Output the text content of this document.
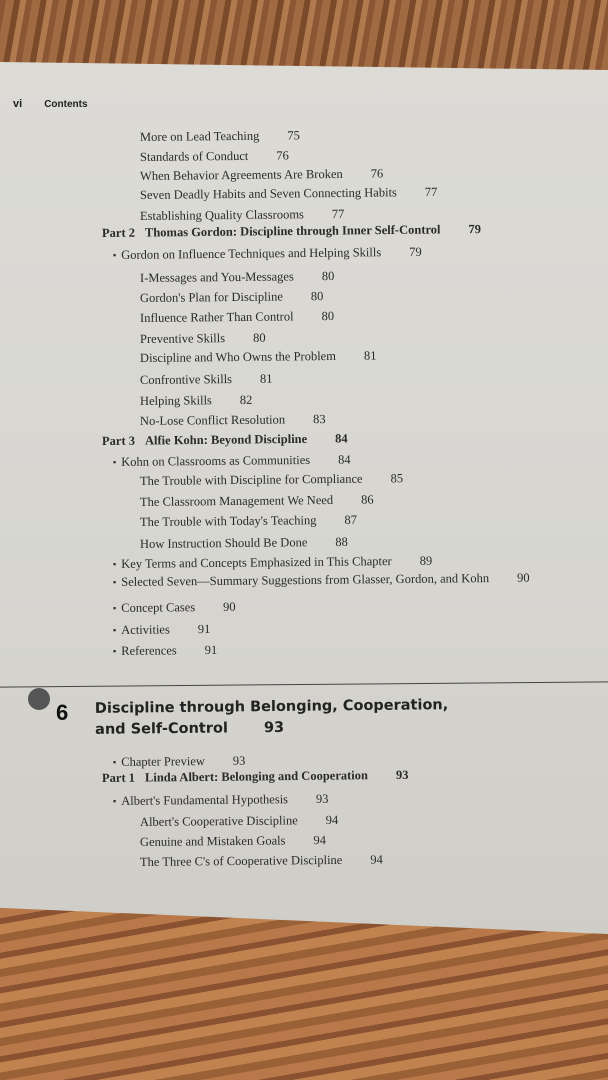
vi Contents
More on Lead Teaching 75
Standards of Conduct 76
When Behavior Agreements Are Broken 76
Seven Deadly Habits and Seven Connecting Habits 77
Establishing Quality Classrooms 77
Part 2 Thomas Gordon: Discipline through Inner Self-Control 79
▪ Gordon on Influence Techniques and Helping Skills 79
I-Messages and You-Messages 80
Gordon's Plan for Discipline 80
Influence Rather Than Control 80
Preventive Skills 80
Discipline and Who Owns the Problem 81
Confrontive Skills 81
Helping Skills 82
No-Lose Conflict Resolution 83
Part 3 Alfie Kohn: Beyond Discipline 84
▪ Kohn on Classrooms as Communities 84
The Trouble with Discipline for Compliance 85
The Classroom Management We Need 86
The Trouble with Today's Teaching 87
How Instruction Should Be Done 88
▪ Key Terms and Concepts Emphasized in This Chapter 89
▪ Selected Seven—Summary Suggestions from Glasser, Gordon, and Kohn 90
▪ Concept Cases 90
▪ Activities 91
▪ References 91
▪ Chapter Preview 93
Part 1 Linda Albert: Belonging and Cooperation 93
▪ Albert's Fundamental Hypothesis 93
Albert's Cooperative Discipline 94
Genuine and Mistaken Goals 94
The Three C's of Cooperative Discipline 94
6 Discipline through Belonging, Cooperation,
and Self-Control 93
